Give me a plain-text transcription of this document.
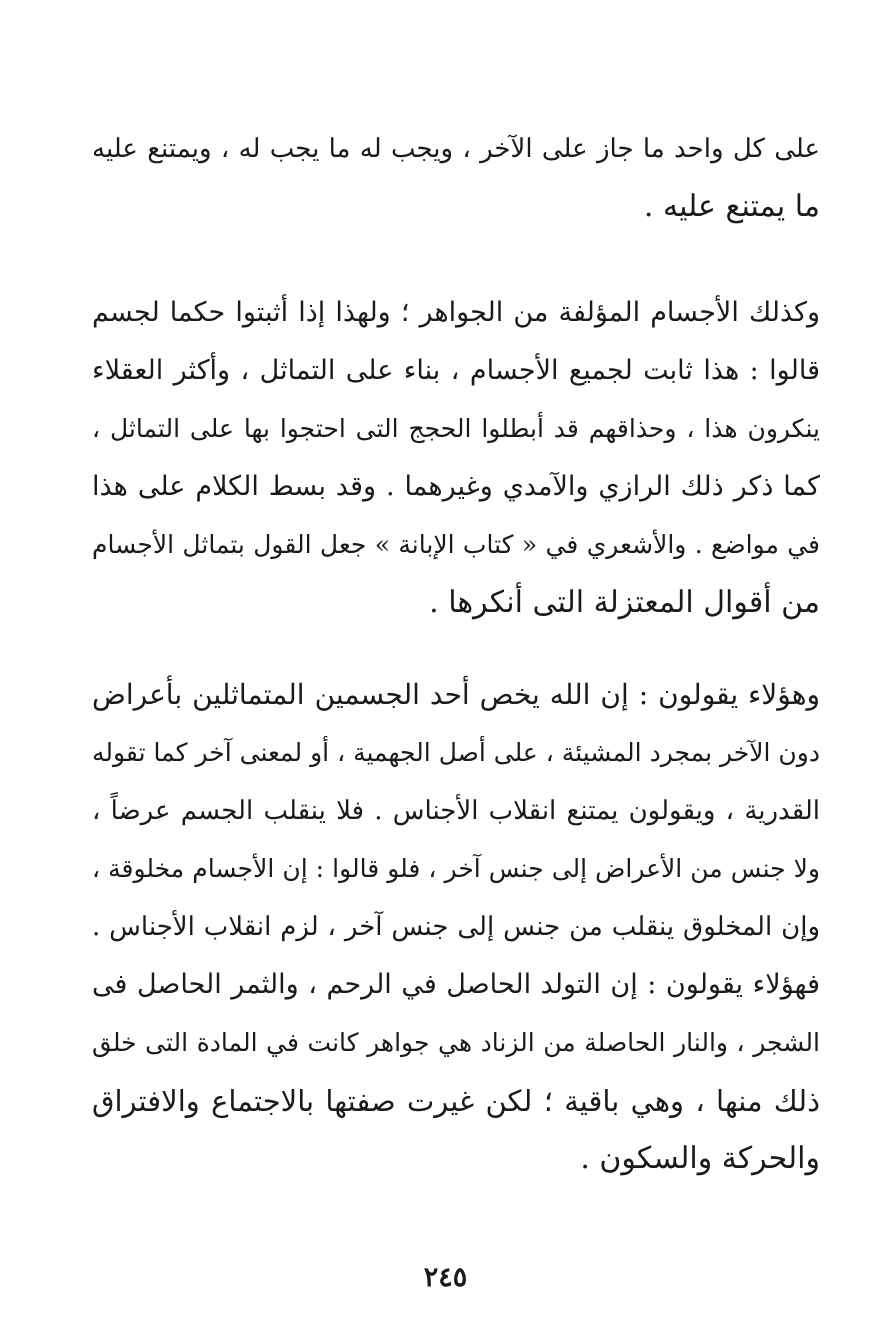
على كل واحد ما جاز على الآخر ، ويجب له ما يجب له ، ويمتنع عليه
ما يمتنع عليه .
وكذلك الأجسام المؤلفة من الجواهر ؛ ولهذا إذا أثبتوا حكما لجسم
قالوا : هذا ثابت لجميع الأجسام ، بناء على التماثل ، وأكثر العقلاء
ينكرون هذا ، وحذاقهم قد أبطلوا الحجج التى احتجوا بها على التماثل ،
كما ذكر ذلك الرازي والآمدي وغيرهما . وقد بسط الكلام على هذا
في مواضع . والأشعري في « كتاب الإبانة » جعل القول بتماثل الأجسام
من أقوال المعتزلة التى أنكرها .
وهؤلاء يقولون : إن الله يخص أحد الجسمين المتماثلين بأعراض
دون الآخر بمجرد المشيئة ، على أصل الجهمية ، أو لمعنى آخر كما تقوله
القدرية ، ويقولون يمتنع انقلاب الأجناس . فلا ينقلب الجسم عرضاً ،
ولا جنس من الأعراض إلى جنس آخر ، فلو قالوا : إن الأجسام مخلوقة ،
وإن المخلوق ينقلب من جنس إلى جنس آخر ، لزم انقلاب الأجناس .
فهؤلاء يقولون : إن التولد الحاصل في الرحم ، والثمر الحاصل فى
الشجر ، والنار الحاصلة من الزناد هي جواهر كانت في المادة التى خلق
ذلك منها ، وهي باقية ؛ لكن غيرت صفتها بالاجتماع والافتراق
والحركة والسكون .
٢٤٥
